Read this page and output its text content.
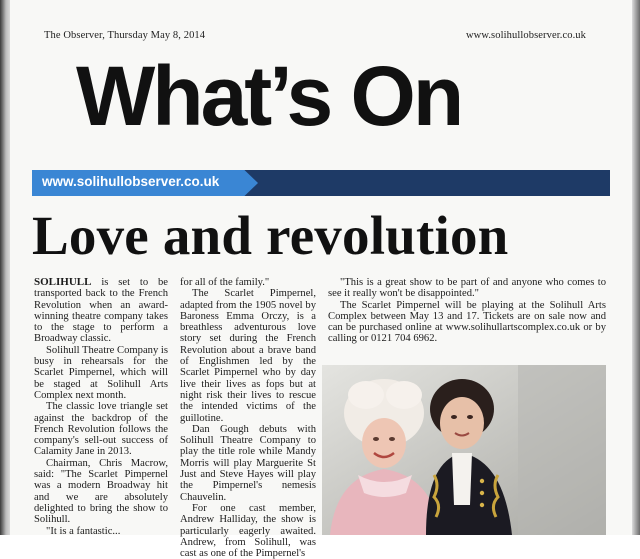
The Observer, Thursday May 8, 2014	www.solihullobserver.co.uk
What’s On
www.solihullobserver.co.uk
Love and revolution

SOLIHULL is set to be transported back to the French Revolution when an award-winning theatre company takes to the stage to perform a Broadway classic.

Solihull Theatre Company is busy in rehearsals for the Scarlet Pimpernel, which will be staged at Solihull Arts Complex next month.

The classic love triangle set against the backdrop of the French Revolution follows the company's sell-out success of Calamity Jane in 2013.

Chairman, Chris Macrow, said: "The Scarlet Pimpernel was a modern Broadway hit and we are absolutely delighted to bring the show to Solihull.

"It is a fantastic...

for all of the family."

The Scarlet Pimpernel, adapted from the 1905 novel by Baroness Emma Orczy, is a breathless adventurous love story set during the French Revolution about a brave band of Englishmen led by the Scarlet Pimpernel who by day live their lives as fops but at night risk their lives to rescue the intended victims of the guillotine.

Dan Gough debuts with Solihull Theatre Company to play the title role while Mandy Morris will play Marguerite St Just and Steve Hayes will play the Pimpernel's nemesis Chauvelin.

For one cast member, Andrew Halliday, the show is particularly eagerly awaited. Andrew, from Solihull, was cast as one of the Pimpernel's

"This is a great show to be part of and anyone who comes to see it really won't be disappointed."

The Scarlet Pimpernel will be playing at the Solihull Arts Complex between May 13 and 17. Tickets are on sale now and can be purchased online at www.solihullartscomplex.co.uk or by calling or 0121 704 6962.
